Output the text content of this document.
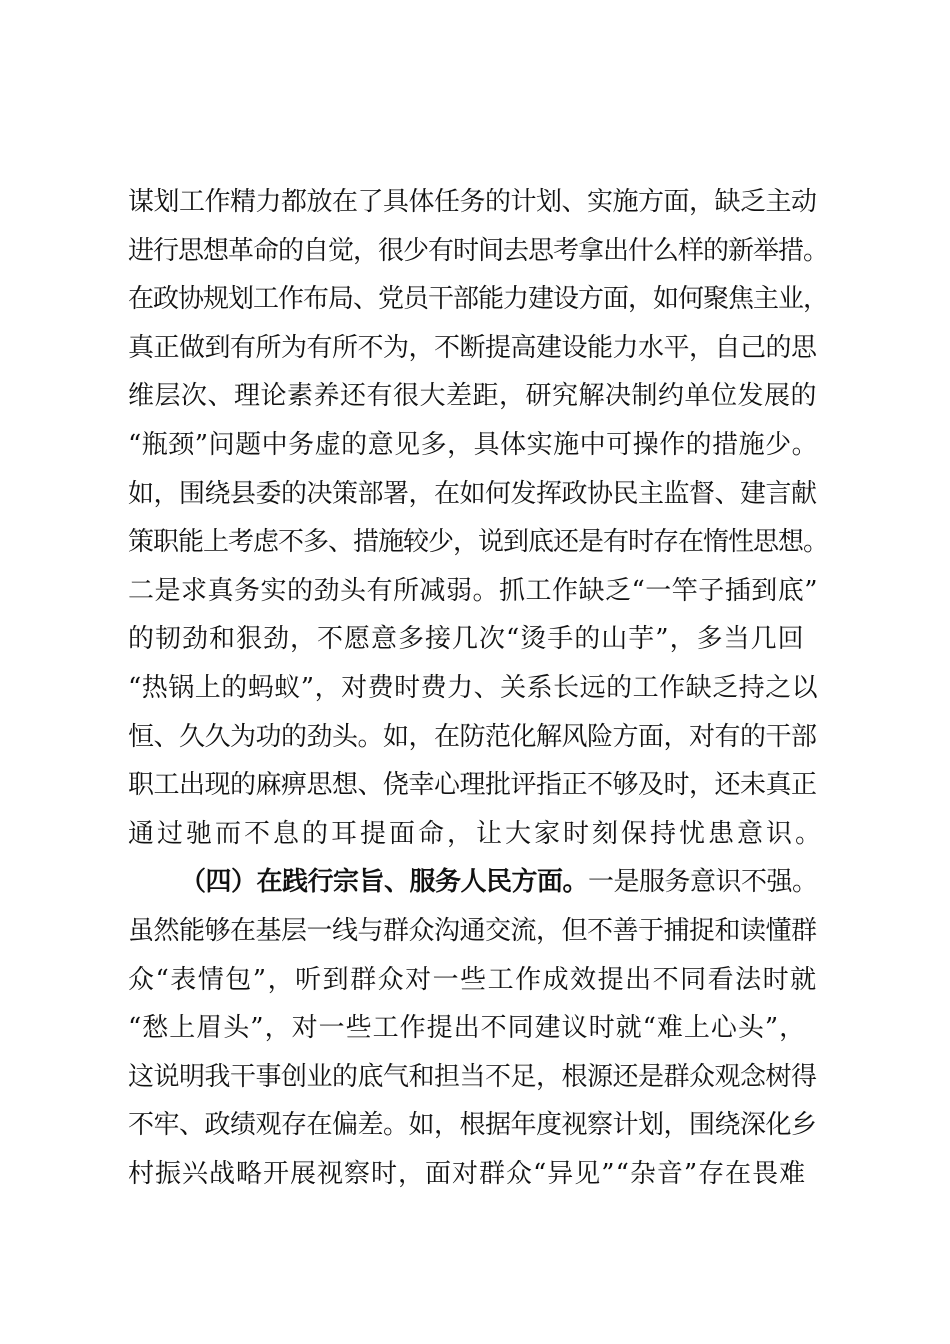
谋划工作精力都放在了具体任务的计划、实施方面，缺乏主动
进行思想革命的自觉，很少有时间去思考拿出什么样的新举措。
在政协规划工作布局、党员干部能力建设方面，如何聚焦主业，
真正做到有所为有所不为，不断提高建设能力水平，自己的思
维层次、理论素养还有很大差距，研究解决制约单位发展的
“瓶颈”问题中务虚的意见多，具体实施中可操作的措施少。
如，围绕县委的决策部署，在如何发挥政协民主监督、建言献
策职能上考虑不多、措施较少，说到底还是有时存在惰性思想。
二是求真务实的劲头有所减弱。抓工作缺乏“一竿子插到底”
的韧劲和狠劲，不愿意多接几次“烫手的山芋”，多当几回
“热锅上的蚂蚁”，对费时费力、关系长远的工作缺乏持之以
恒、久久为功的劲头。如，在防范化解风险方面，对有的干部
职工出现的麻痹思想、侥幸心理批评指正不够及时，还未真正
通过驰而不息的耳提面命，让大家时刻保持忧患意识。
（四）在践行宗旨、服务人民方面。一是服务意识不强。
虽然能够在基层一线与群众沟通交流，但不善于捕捉和读懂群
众“表情包”，听到群众对一些工作成效提出不同看法时就
“愁上眉头”，对一些工作提出不同建议时就“难上心头”，
这说明我干事创业的底气和担当不足，根源还是群众观念树得
不牢、政绩观存在偏差。如，根据年度视察计划，围绕深化乡
村振兴战略开展视察时，面对群众“异见”“杂音”存在畏难
